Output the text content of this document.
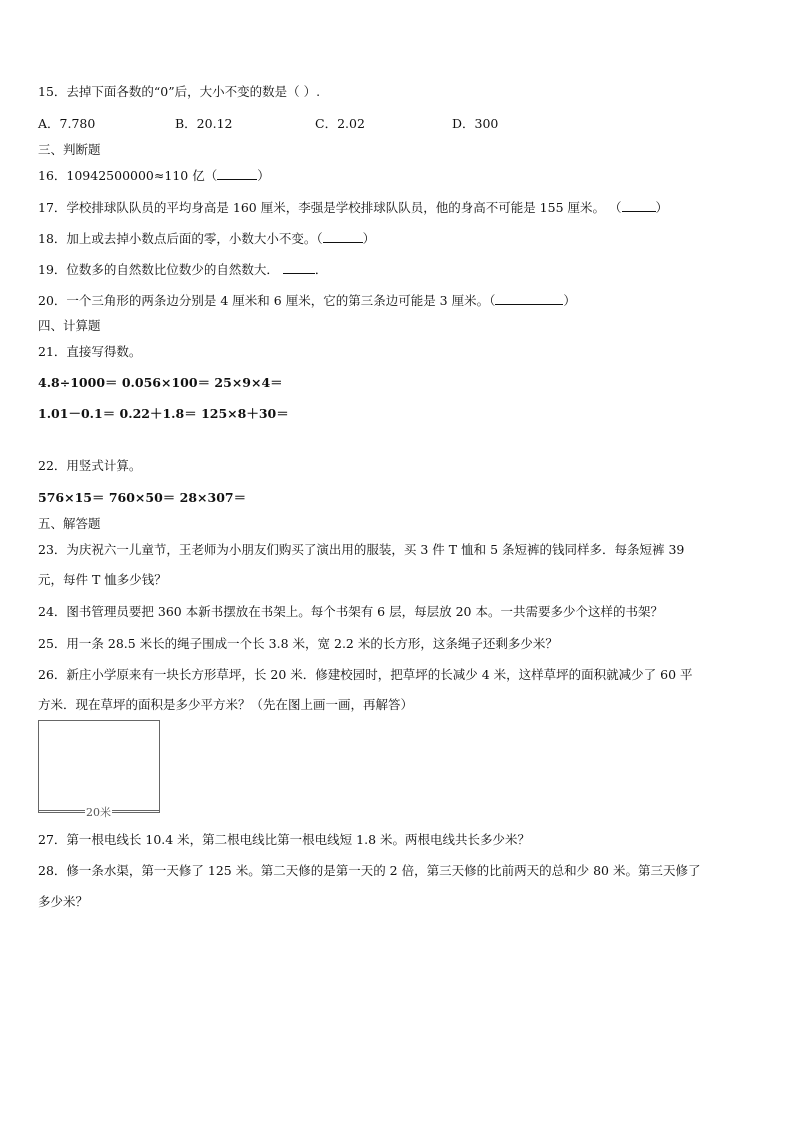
15．去掉下面各数的“0”后，大小不变的数是（ ）.
A．7.780	B．20.12	C．2.02	D．300
三、判断题
16．10942500000≈110 亿（	）
17．学校排球队队员的平均身高是 160 厘米，李强是学校排球队队员，他的身高不可能是 155 厘米。 （	）
18．加上或去掉小数点后面的零，小数大小不变。（	）
19．位数多的自然数比位数少的自然数大．	．
20．一个三角形的两条边分别是 4 厘米和 6 厘米，它的第三条边可能是 3 厘米。（	）
四、计算题
21．直接写得数。
4.8÷1000＝ 0.056×100＝ 25×9×4＝
1.01－0.1＝ 0.22＋1.8＝ 125×8＋30＝
22．用竖式计算。
576×15＝ 760×50＝ 28×307＝
五、解答题
23．为庆祝六一儿童节，王老师为小朋友们购买了演出用的服装，买 3 件 T 恤和 5 条短裤的钱同样多．每条短裤 39
元，每件 T 恤多少钱？
24．图书管理员要把 360 本新书摆放在书架上。每个书架有 6 层，每层放 20 本。一共需要多少个这样的书架？
25．用一条 28.5 米长的绳子围成一个长 3.8 米，宽 2.2 米的长方形，这条绳子还剩多少米？
26．新庄小学原来有一块长方形草坪，长 20 米．修建校园时，把草坪的长减少 4 米，这样草坪的面积就减少了 60 平
方米．现在草坪的面积是多少平方米？（先在图上画一画，再解答）
20米
27．第一根电线长 10.4 米，第二根电线比第一根电线短 1.8 米。两根电线共长多少米？
28．修一条水渠，第一天修了 125 米。第二天修的是第一天的 2 倍，第三天修的比前两天的总和少 80 米。第三天修了
多少米？
